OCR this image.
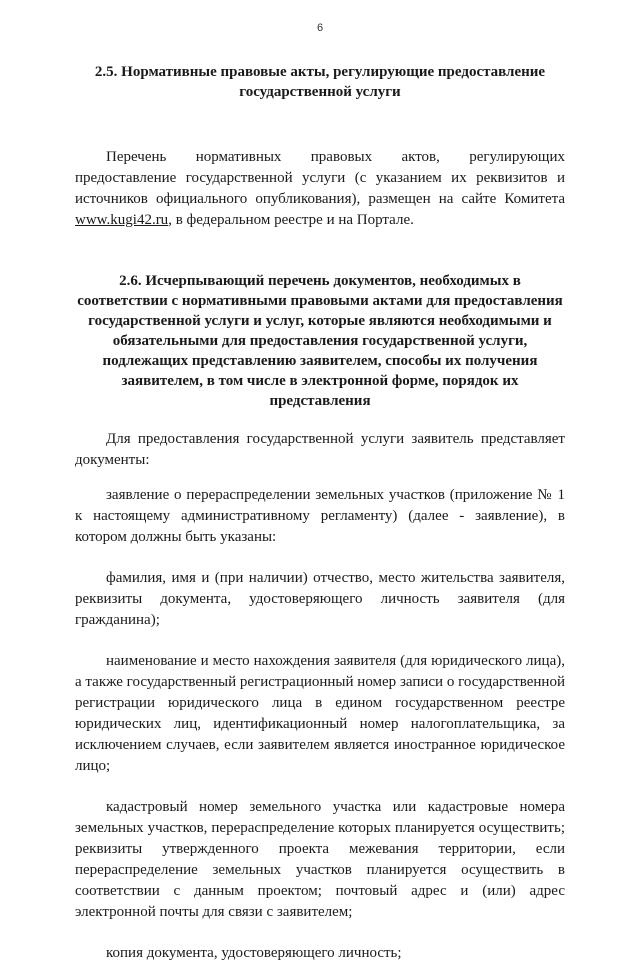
6

2.5. Нормативные правовые акты, регулирующие предоставление государственной услуги

Перечень нормативных правовых актов, регулирующих предоставление государственной услуги (с указанием их реквизитов и источников официального опубликования), размещен на сайте Комитета www.kugi42.ru, в федеральном реестре и на Портале.

2.6. Исчерпывающий перечень документов, необходимых в соответствии с нормативными правовыми актами для предоставления государственной услуги и услуг, которые являются необходимыми и обязательными для предоставления государственной услуги, подлежащих представлению заявителем, способы их получения заявителем, в том числе в электронной форме, порядок их представления

Для предоставления государственной услуги заявитель представляет документы:

заявление о перераспределении земельных участков (приложение № 1 к настоящему административному регламенту) (далее - заявление), в котором должны быть указаны:

фамилия, имя и (при наличии) отчество, место жительства заявителя, реквизиты документа, удостоверяющего личность заявителя (для гражданина);

наименование и место нахождения заявителя (для юридического лица), а также государственный регистрационный номер записи о государственной регистрации юридического лица в едином государственном реестре юридических лиц, идентификационный номер налогоплательщика, за исключением случаев, если заявителем является иностранное юридическое лицо;

кадастровый номер земельного участка или кадастровые номера земельных участков, перераспределение которых планируется осуществить; реквизиты утвержденного проекта межевания территории, если перераспределение земельных участков планируется осуществить в соответствии с данным проектом; почтовый адрес и (или) адрес электронной почты для связи с заявителем;

копия документа, удостоверяющего личность;
